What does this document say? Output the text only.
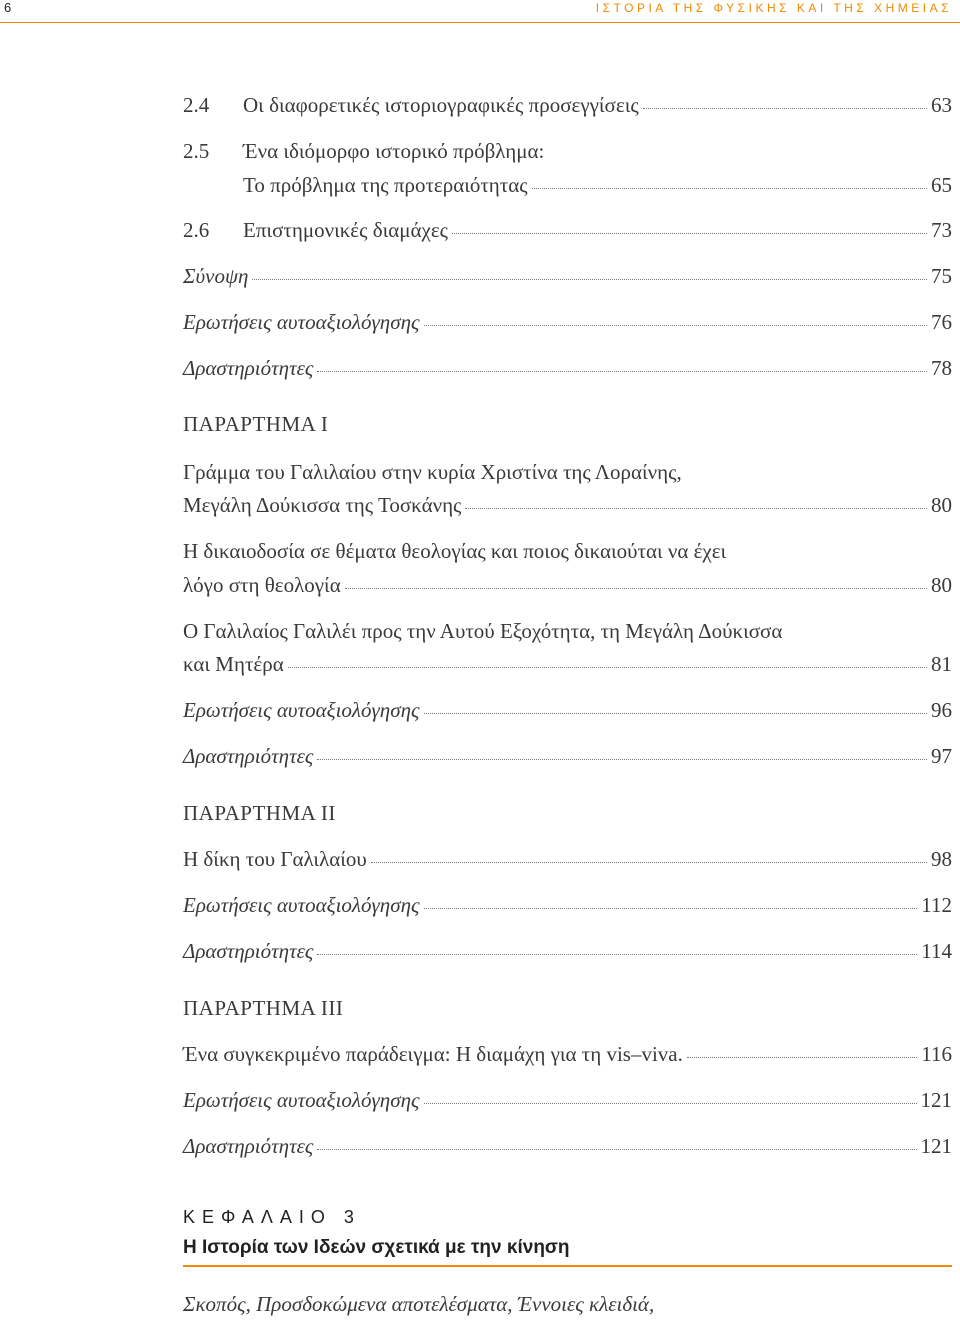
6	ΙΣΤΟΡΙΑ ΤΗΣ ΦΥΣΙΚΗΣ ΚΑΙ ΤΗΣ ΧΗΜΕΙΑΣ
2.4	Οι διαφορετικές ιστοριογραφικές προσεγγίσεις	63
2.5	Ένα ιδιόμορφο ιστορικό πρόβλημα:
Το πρόβλημα της προτεραιότητας	65
2.6	Επιστημονικές διαμάχες	73
Σύνοψη	75
Ερωτήσεις αυτοαξιολόγησης	76
Δραστηριότητες	78
ΠΑΡΑΡΤΗΜΑ Ι
Γράμμα του Γαλιλαίου στην κυρία Χριστίνα της Λοραίνης,
Μεγάλη Δούκισσα της Τοσκάνης	80
Η δικαιοδοσία σε θέματα θεολογίας και ποιος δικαιούται να έχει
λόγο στη θεολογία	80
Ο Γαλιλαίος Γαλιλέι προς την Αυτού Εξοχότητα, τη Μεγάλη Δούκισσα
και Μητέρα	81
Ερωτήσεις αυτοαξιολόγησης	96
Δραστηριότητες	97
ΠΑΡΑΡΤΗΜΑ ΙΙ
Η δίκη του Γαλιλαίου	98
Ερωτήσεις αυτοαξιολόγησης	112
Δραστηριότητες	114
ΠΑΡΑΡΤΗΜΑ ΙΙΙ
Ένα συγκεκριμένο παράδειγμα: Η διαμάχη για τη vis–viva.	116
Ερωτήσεις αυτοαξιολόγησης	121
Δραστηριότητες	121
ΚΕΦΑΛΑΙΟ 3
Η Ιστορία των Ιδεών σχετικά με την κίνηση
Σκοπός, Προσδοκώμενα αποτελέσματα, Έννοιες κλειδιά,
